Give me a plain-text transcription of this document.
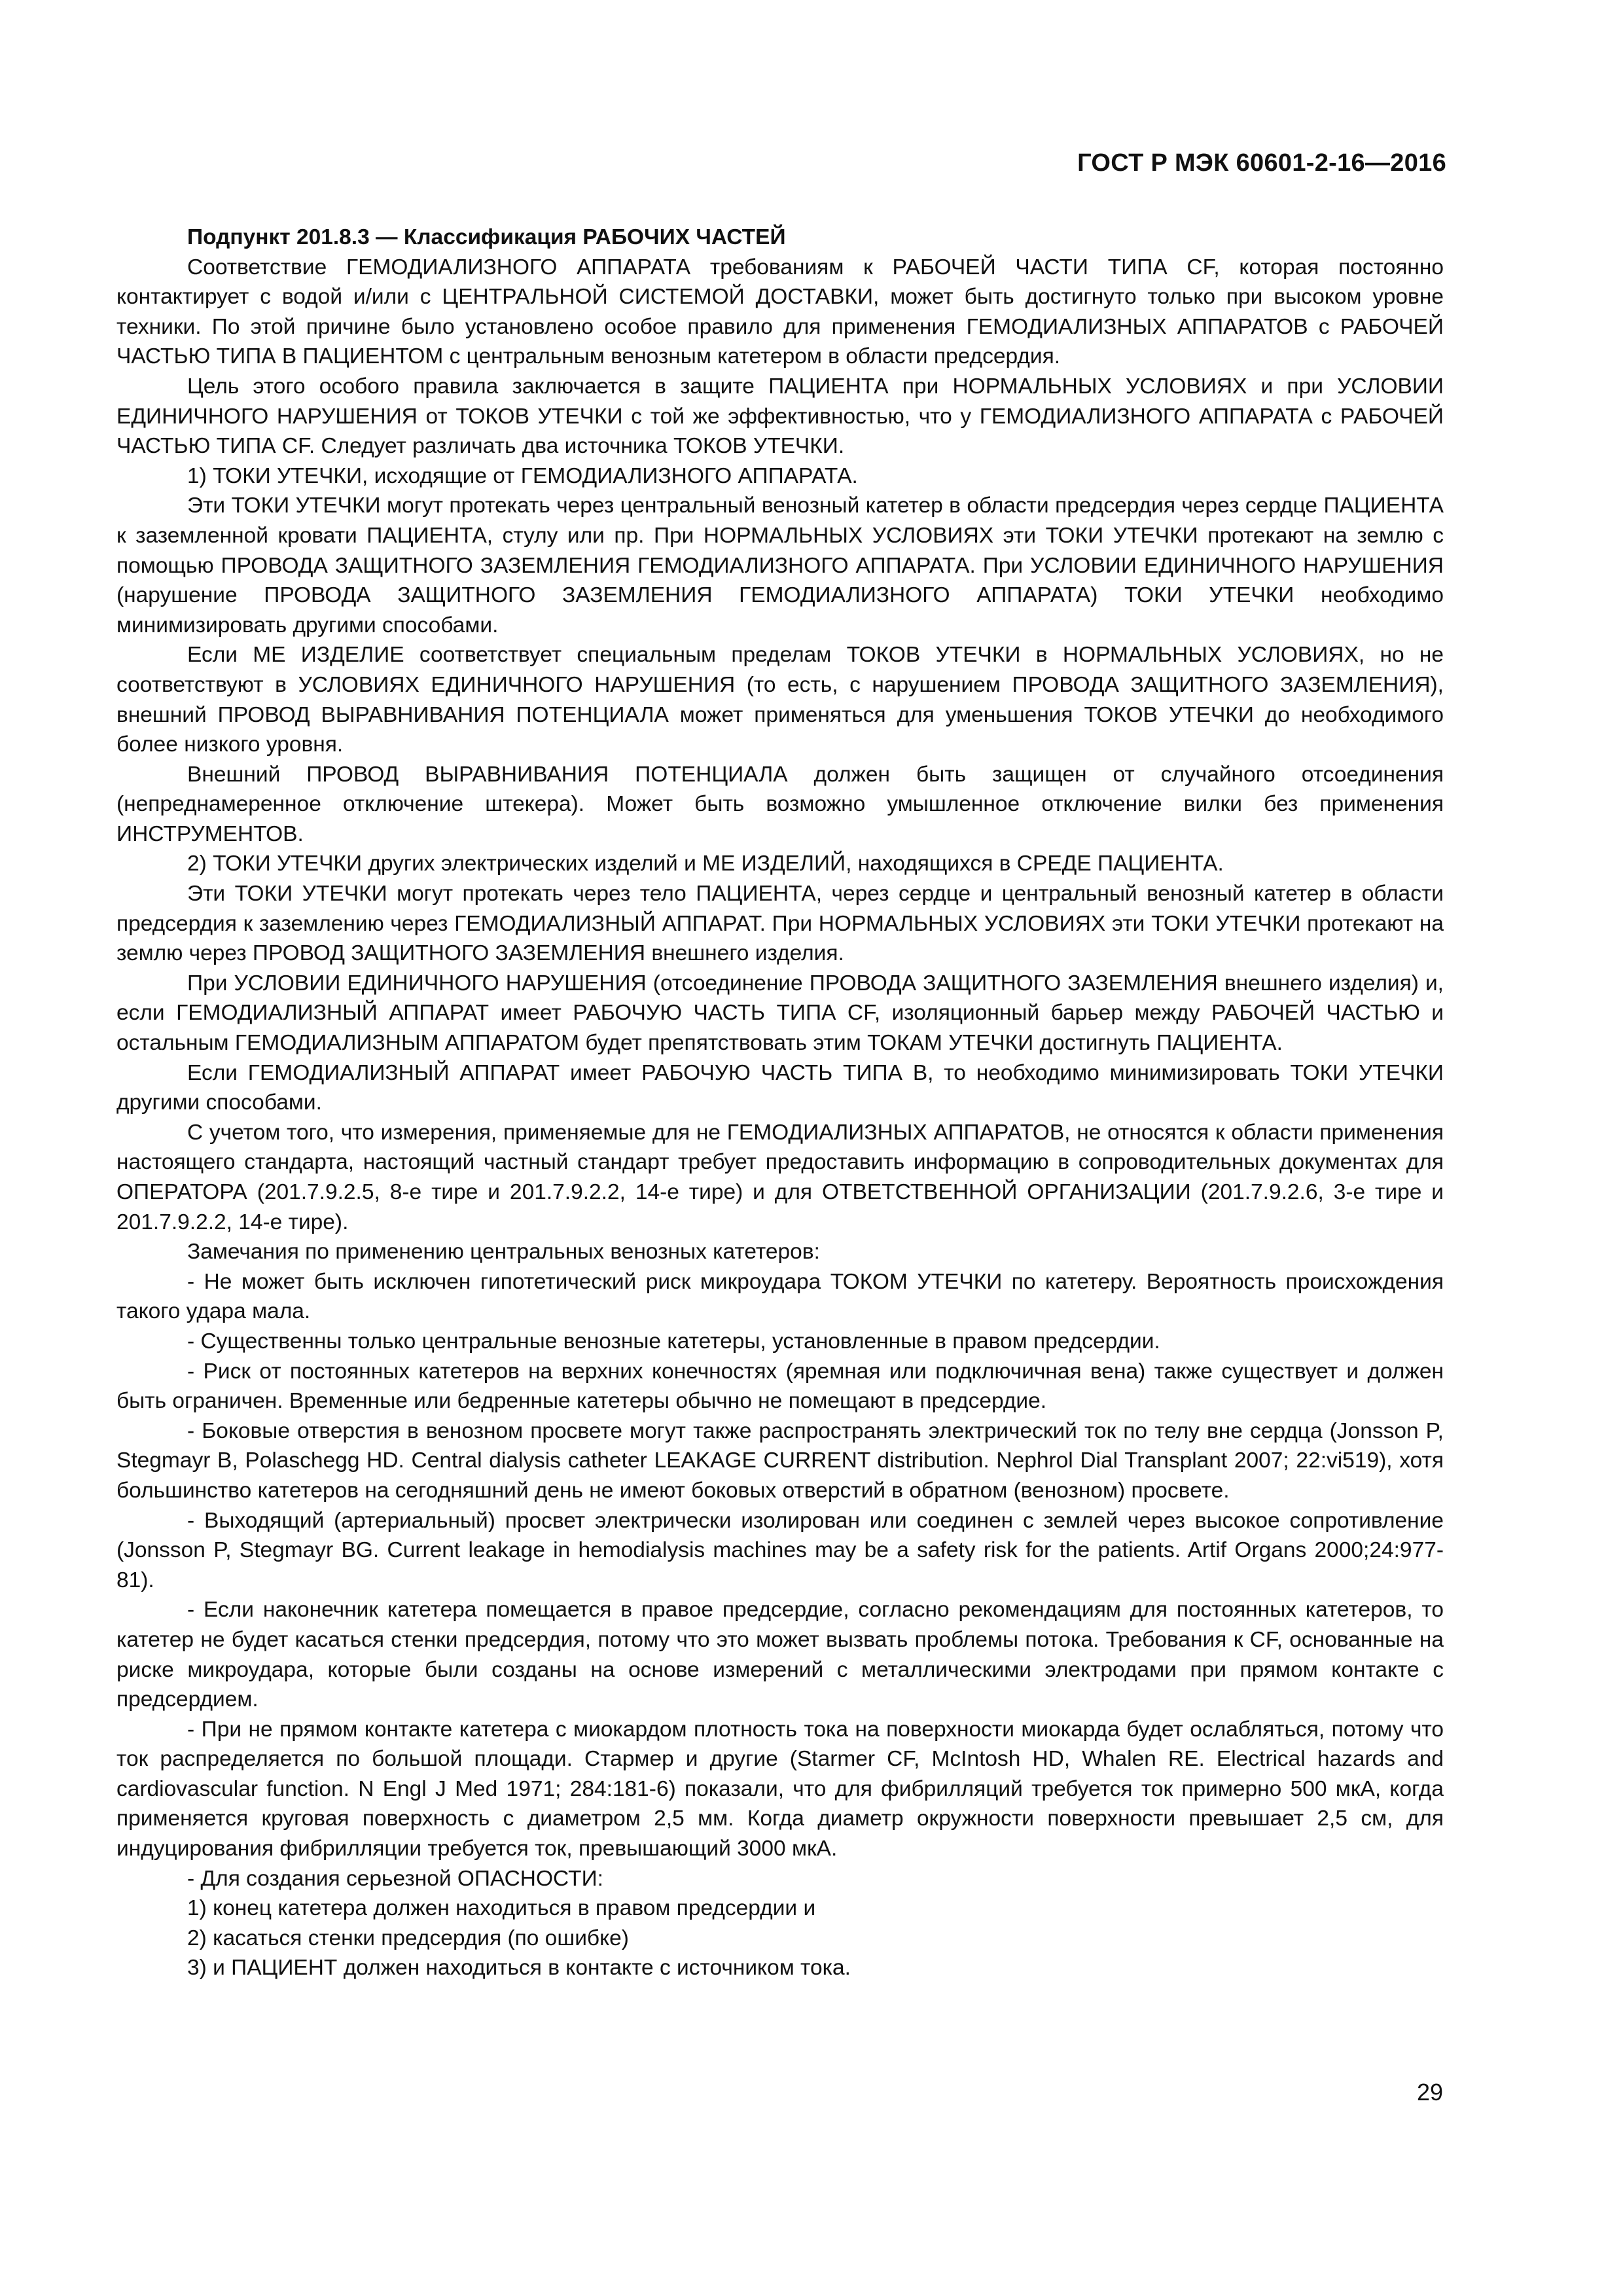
ГОСТ Р МЭК 60601-2-16—2016

Подпункт 201.8.3 — Классификация РАБОЧИХ ЧАСТЕЙ

Соответствие ГЕМОДИАЛИЗНОГО АППАРАТА требованиям к РАБОЧЕЙ ЧАСТИ ТИПА CF, которая постоянно контактирует с водой и/или с ЦЕНТРАЛЬНОЙ СИСТЕМОЙ ДОСТАВКИ, может быть достигнуто только при высоком уровне техники. По этой причине было установлено особое правило для применения ГЕМОДИАЛИЗНЫХ АППАРАТОВ с РАБОЧЕЙ ЧАСТЬЮ ТИПА В ПАЦИЕНТОМ с центральным венозным катетером в области предсердия.

Цель этого особого правила заключается в защите ПАЦИЕНТА при НОРМАЛЬНЫХ УСЛОВИЯХ и при УСЛОВИИ ЕДИНИЧНОГО НАРУШЕНИЯ от ТОКОВ УТЕЧКИ с той же эффективностью, что у ГЕМОДИАЛИЗНОГО АППАРАТА с РАБОЧЕЙ ЧАСТЬЮ ТИПА CF. Следует различать два источника ТОКОВ УТЕЧКИ.

1) ТОКИ УТЕЧКИ, исходящие от ГЕМОДИАЛИЗНОГО АППАРАТА.

Эти ТОКИ УТЕЧКИ могут протекать через центральный венозный катетер в области предсердия через сердце ПАЦИЕНТА к заземленной кровати ПАЦИЕНТА, стулу или пр. При НОРМАЛЬНЫХ УСЛОВИЯХ эти ТОКИ УТЕЧКИ протекают на землю с помощью ПРОВОДА ЗАЩИТНОГО ЗАЗЕМЛЕНИЯ ГЕМОДИАЛИЗНОГО АППАРАТА. При УСЛОВИИ ЕДИНИЧНОГО НАРУШЕНИЯ (нарушение ПРОВОДА ЗАЩИТНОГО ЗАЗЕМЛЕНИЯ ГЕМОДИАЛИЗНОГО АППАРАТА) ТОКИ УТЕЧКИ необходимо минимизировать другими способами.

Если МЕ ИЗДЕЛИЕ соответствует специальным пределам ТОКОВ УТЕЧКИ в НОРМАЛЬНЫХ УСЛОВИЯХ, но не соответствуют в УСЛОВИЯХ ЕДИНИЧНОГО НАРУШЕНИЯ (то есть, с нарушением ПРОВОДА ЗАЩИТНОГО ЗАЗЕМЛЕНИЯ), внешний ПРОВОД ВЫРАВНИВАНИЯ ПОТЕНЦИАЛА может применяться для уменьшения ТОКОВ УТЕЧКИ до необходимого более низкого уровня.

Внешний ПРОВОД ВЫРАВНИВАНИЯ ПОТЕНЦИАЛА должен быть защищен от случайного отсоединения (непреднамеренное отключение штекера). Может быть возможно умышленное отключение вилки без применения ИНСТРУМЕНТОВ.

2) ТОКИ УТЕЧКИ других электрических изделий и МЕ ИЗДЕЛИЙ, находящихся в СРЕДЕ ПАЦИЕНТА.

Эти ТОКИ УТЕЧКИ могут протекать через тело ПАЦИЕНТА, через сердце и центральный венозный катетер в области предсердия к заземлению через ГЕМОДИАЛИЗНЫЙ АППАРАТ. При НОРМАЛЬНЫХ УСЛОВИЯХ эти ТОКИ УТЕЧКИ протекают на землю через ПРОВОД ЗАЩИТНОГО ЗАЗЕМЛЕНИЯ внешнего изделия.

При УСЛОВИИ ЕДИНИЧНОГО НАРУШЕНИЯ (отсоединение ПРОВОДА ЗАЩИТНОГО ЗАЗЕМЛЕНИЯ внешнего изделия) и, если ГЕМОДИАЛИЗНЫЙ АППАРАТ имеет РАБОЧУЮ ЧАСТЬ ТИПА CF, изоляционный барьер между РАБОЧЕЙ ЧАСТЬЮ и остальным ГЕМОДИАЛИЗНЫМ АППАРАТОМ будет препятствовать этим ТОКАМ УТЕЧКИ достигнуть ПАЦИЕНТА.

Если ГЕМОДИАЛИЗНЫЙ АППАРАТ имеет РАБОЧУЮ ЧАСТЬ ТИПА В, то необходимо минимизировать ТОКИ УТЕЧКИ другими способами.

С учетом того, что измерения, применяемые для не ГЕМОДИАЛИЗНЫХ АППАРАТОВ, не относятся к области применения настоящего стандарта, настоящий частный стандарт требует предоставить информацию в сопроводительных документах для ОПЕРАТОРА (201.7.9.2.5, 8-е тире и 201.7.9.2.2, 14-е тире) и для ОТВЕТСТВЕННОЙ ОРГАНИЗАЦИИ (201.7.9.2.6, 3-е тире и 201.7.9.2.2, 14-е тире).

Замечания по применению центральных венозных катетеров:

- Не может быть исключен гипотетический риск микроудара ТОКОМ УТЕЧКИ по катетеру. Вероятность происхождения такого удара мала.

- Существенны только центральные венозные катетеры, установленные в правом предсердии.

- Риск от постоянных катетеров на верхних конечностях (яремная или подключичная вена) также существует и должен быть ограничен. Временные или бедренные катетеры обычно не помещают в предсердие.

- Боковые отверстия в венозном просвете могут также распространять электрический ток по телу вне сердца (Jonsson P, Stegmayr B, Polaschegg HD. Central dialysis catheter LEAKAGE CURRENT distribution. Nephrol Dial Transplant 2007; 22:vi519), хотя большинство катетеров на сегодняшний день не имеют боковых отверстий в обратном (венозном) просвете.

- Выходящий (артериальный) просвет электрически изолирован или соединен с землей через высокое сопротивление (Jonsson P, Stegmayr BG. Current leakage in hemodialysis machines may be a safety risk for the patients. Artif Organs 2000;24:977-81).

- Если наконечник катетера помещается в правое предсердие, согласно рекомендациям для постоянных катетеров, то катетер не будет касаться стенки предсердия, потому что это может вызвать проблемы потока. Требования к CF, основанные на риске микроудара, которые были созданы на основе измерений с металлическими электродами при прямом контакте с предсердием.

- При не прямом контакте катетера с миокардом плотность тока на поверхности миокарда будет ослабляться, потому что ток распределяется по большой площади. Стармер и другие (Starmer CF, McIntosh HD, Whalen RE. Electrical hazards and cardiovascular function. N Engl J Med 1971; 284:181-6) показали, что для фибрилляций требуется ток примерно 500 мкА, когда применяется круговая поверхность с диаметром 2,5 мм. Когда диаметр окружности поверхности превышает 2,5 см, для индуцирования фибрилляции требуется ток, превышающий 3000 мкА.

- Для создания серьезной ОПАСНОСТИ:

1) конец катетера должен находиться в правом предсердии и

2) касаться стенки предсердия (по ошибке)

3) и ПАЦИЕНТ должен находиться в контакте с источником тока.

29
